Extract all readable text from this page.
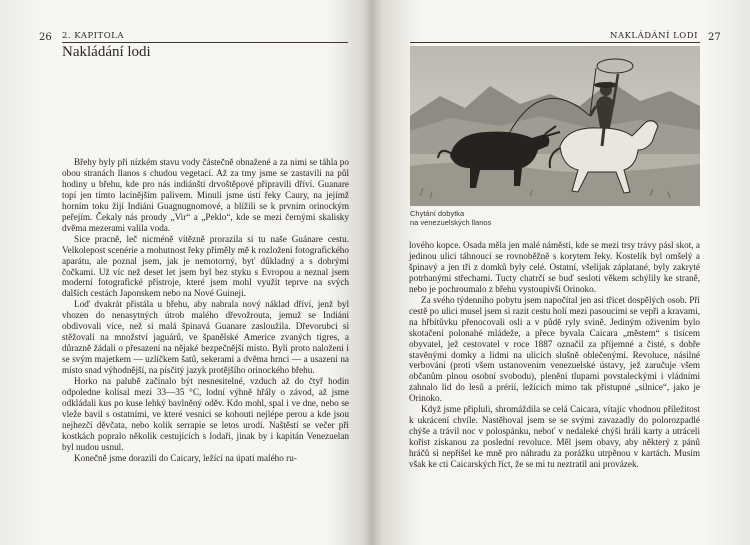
26 2. KAPITOLA
Nakládání lodi

Břehy byly při nízkém stavu vody částečně obnažené a za nimi se táhla po obou stranách llanos s chudou vegetací. Až za tmy jsme se zastavili na půl hodiny u břehu, kde pro nás indiánští drvoštěpové připravili dříví. Guanare topí jen tímto lacinějším palivem. Minuli jsme ústí řeky Caury, na jejímž horním toku žijí Indiáni Guagnugnomové, a blížili se k prvním orinockým peřejím. Čekaly nás proudy „Vir“ a „Peklo“, kde se mezi černými skalisky dvěma mezerami valila voda.

Sice pracně, leč nicméně vítězně prorazila si tu naše Guánare cestu. Velkolepost scenérie a mohutnost řeky přiměly mě k rozložení fotografického aparátu, ale poznal jsem, jak je nemotorný, byť důkladný a s dobrými čočkami. Už víc než deset let jsem byl bez styku s Evropou a neznal jsem moderní fotografické přístroje, které jsem mohl využít teprve na svých dalších cestách Japonskem nebo na Nové Guineji.

Loď dvakrát přistála u břehu, aby nabrala nový náklad dříví, jenž byl vhozen do nenasytných útrob malého dřevožrouta, jemuž se Indiáni obdivovali více, než si malá špinavá Guanare zasloužila. Dřevorubci si stěžovali na množství jaguárů, ve španělské Americe zvaných tigres, a důrazně žádali o přesazení na nějaké bezpečnější místo. Byli proto naloženi i se svým majetkem — uzlíčkem šatů, sekerami a dvěma hrnci — a usazeni na místo snad výhodnější, na písčitý jazyk protějšího orinockého břehu.

Horko na palubě začínalo být nesnesitelné, vzduch až do čtyř hodin odpoledne kolísal mezi 33—35 °C, lodní výhně hřály o závod, až jsme odkládali kus po kuse lehký bavlněný oděv. Kdo mohl, spal i ve dne, nebo se vleže bavil s ostatními, ve které vesnici se kohouti nejlépe perou a kde jsou nejhezčí děvčata, nebo kolik serrapie se letos urodí. Naštěstí se večer při kostkách popralo několik cestujících s lodaři, jinak by i kapitán Venezuelan byl nudou usnul.

Konečně jsme dorazili do Caicary, ležící na úpatí malého ru-

NAKLÁDÁNÍ LODI 27
Chytání dobytka
na venezuelských llanos

lového kopce. Osada měla jen malé náměstí, kde se mezi trsy trávy pásl skot, a jedinou ulici táhnoucí se rovnoběžně s korytem řeky. Kostelík byl omšelý a špinavý a jen tři z domků byly celé. Ostatní, všelijak záplatané, byly zakryté potrhanými střechami. Tucty chatrčí se buď sesloti věkem schýlily ke straně, nebo je pochroumalo z břehu vystoupivší Orinoko.

Za svého týdenního pobytu jsem napočítal jen asi třicet dospělých osob. Při cestě po ulici musel jsem si razit cestu holí mezi pasoucími se vepři a kravami, na hřbitůvku přenocovali osli a v půdě ryly svině. Jediným oživením bylo skotačení polonahé mládeže, a přece byvala Caicara „městem“ s tisícem obyvatel, jež cestovatel v roce 1887 označil za příjemné a čisté, s dobře stavěnými domky a lidmi na ulicích slušně oblečenými. Revoluce, násilné verbování (proti všem ustanovením venezuelské ústavy, jež zaručuje všem občanům plnou osobní svobodu), plenění tlupami povstaleckými i vládními zahnalo lid do lesů a prérií, ležících mimo tak přístupné „silnice“, jako je Orinoko.

Když jsme připluli, shromáždila se celá Caicara, vítajíc vhodnou příležitost k ukrácení chvíle. Nastěhoval jsem se se svými zavazadly do polorozpadlé chýše a trávil noc v polospánku, neboť v nedaleké chýši hráli karty a utráceli kořist získanou za poslední revoluce. Měl jsem obavy, aby některý z pánů hráčů si nepřišel ke mně pro náhradu za porážku utrpěnou v kartách. Musím však ke cti Caicarských říct, že se mi tu neztratil ani provázek.
